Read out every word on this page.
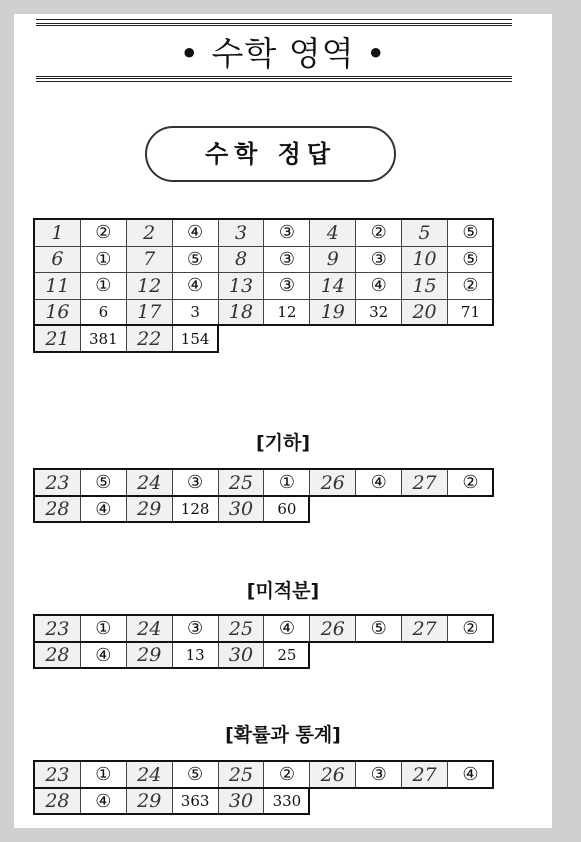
• 수학 영역 •
수학 정답
1	②	2	④	3	③	4	②	5	⑤
6	①	7	⑤	8	③	9	③	10	⑤
11	①	12	④	13	③	14	④	15	②
16	6	17	3	18	12	19	32	20	71
21	381	22	154						
[기하]
23	⑤	24	③	25	①	26	④	27	②
28	④	29	128	30	60				
[미적분]
23	①	24	③	25	④	26	⑤	27	②
28	④	29	13	30	25				
[확률과 통계]
23	①	24	⑤	25	②	26	③	27	④
28	④	29	363	30	330				
